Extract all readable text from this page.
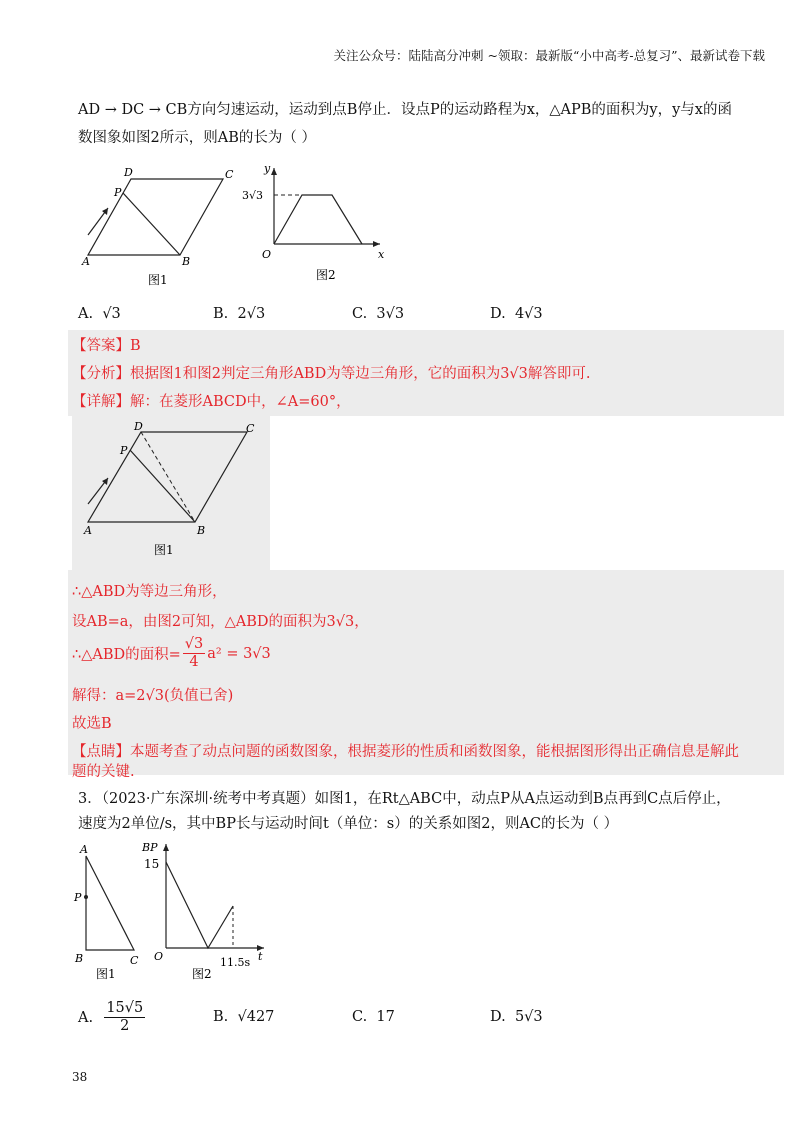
关注公众号：陆陆高分冲刺 ~领取：最新版“小中高考-总复习”、最新试卷下载
AD → DC → CB方向匀速运动，运动到点B停止．设点P的运动路程为x，△APB的面积为y，y与x的函
数图象如图2所示，则AB的长为（ ）
A	B
C
D
P
图1
y
x
O
3√3
图2
A. √3	B. 2√3	C. 3√3	D. 4√3
【答案】B
【分析】根据图1和图2判定三角形ABD为等边三角形，它的面积为3√3解答即可.
【详解】解：在菱形ABCD中，∠A=60°，
A	B
C
D
P
图1
∴△ABD为等边三角形，
设AB=a，由图2可知，△ABD的面积为3√3，
∴△ABD的面积= $\frac{√3}{4} a^2 = 3√3$
解得：a=2√3(负值已舍)
故选B
【点睛】本题考查了动点问题的函数图象，根据菱形的性质和函数图象，能根据图形得出正确信息是解此
题的关键.
3．（2023·广东深圳·统考中考真题）如图1，在Rt△ABC中，动点P从A点运动到B点再到C点后停止，
速度为2单位/s，其中BP长与运动时间t（单位：s）的关系如图2，则AC的长为（ ）
A
P
B	C
图1
BP
15
O	11.5s t
图2
A.
$\frac{15√5}{2}$	B. √427	C. 17	D. 5√3
38
